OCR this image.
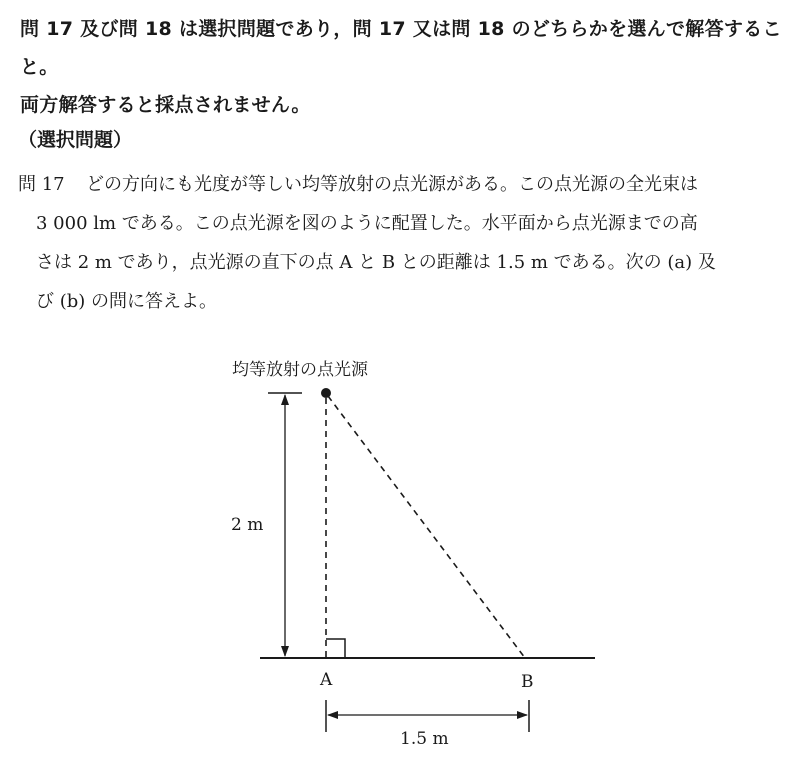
問 17 及び問 18 は選択問題であり，問 17 又は問 18 のどちらかを選んで解答すること。
両方解答すると採点されません。
（選択問題）
問 17 どの方向にも光度が等しい均等放射の点光源がある。この点光源の全光束は
3 000 lm である。この点光源を図のように配置した。水平面から点光源までの高
さは 2 m であり，点光源の直下の点 A と B との距離は 1.5 m である。次の (a) 及
び (b) の問に答えよ。
均等放射の点光源
2 m
A	B
1.5 m
